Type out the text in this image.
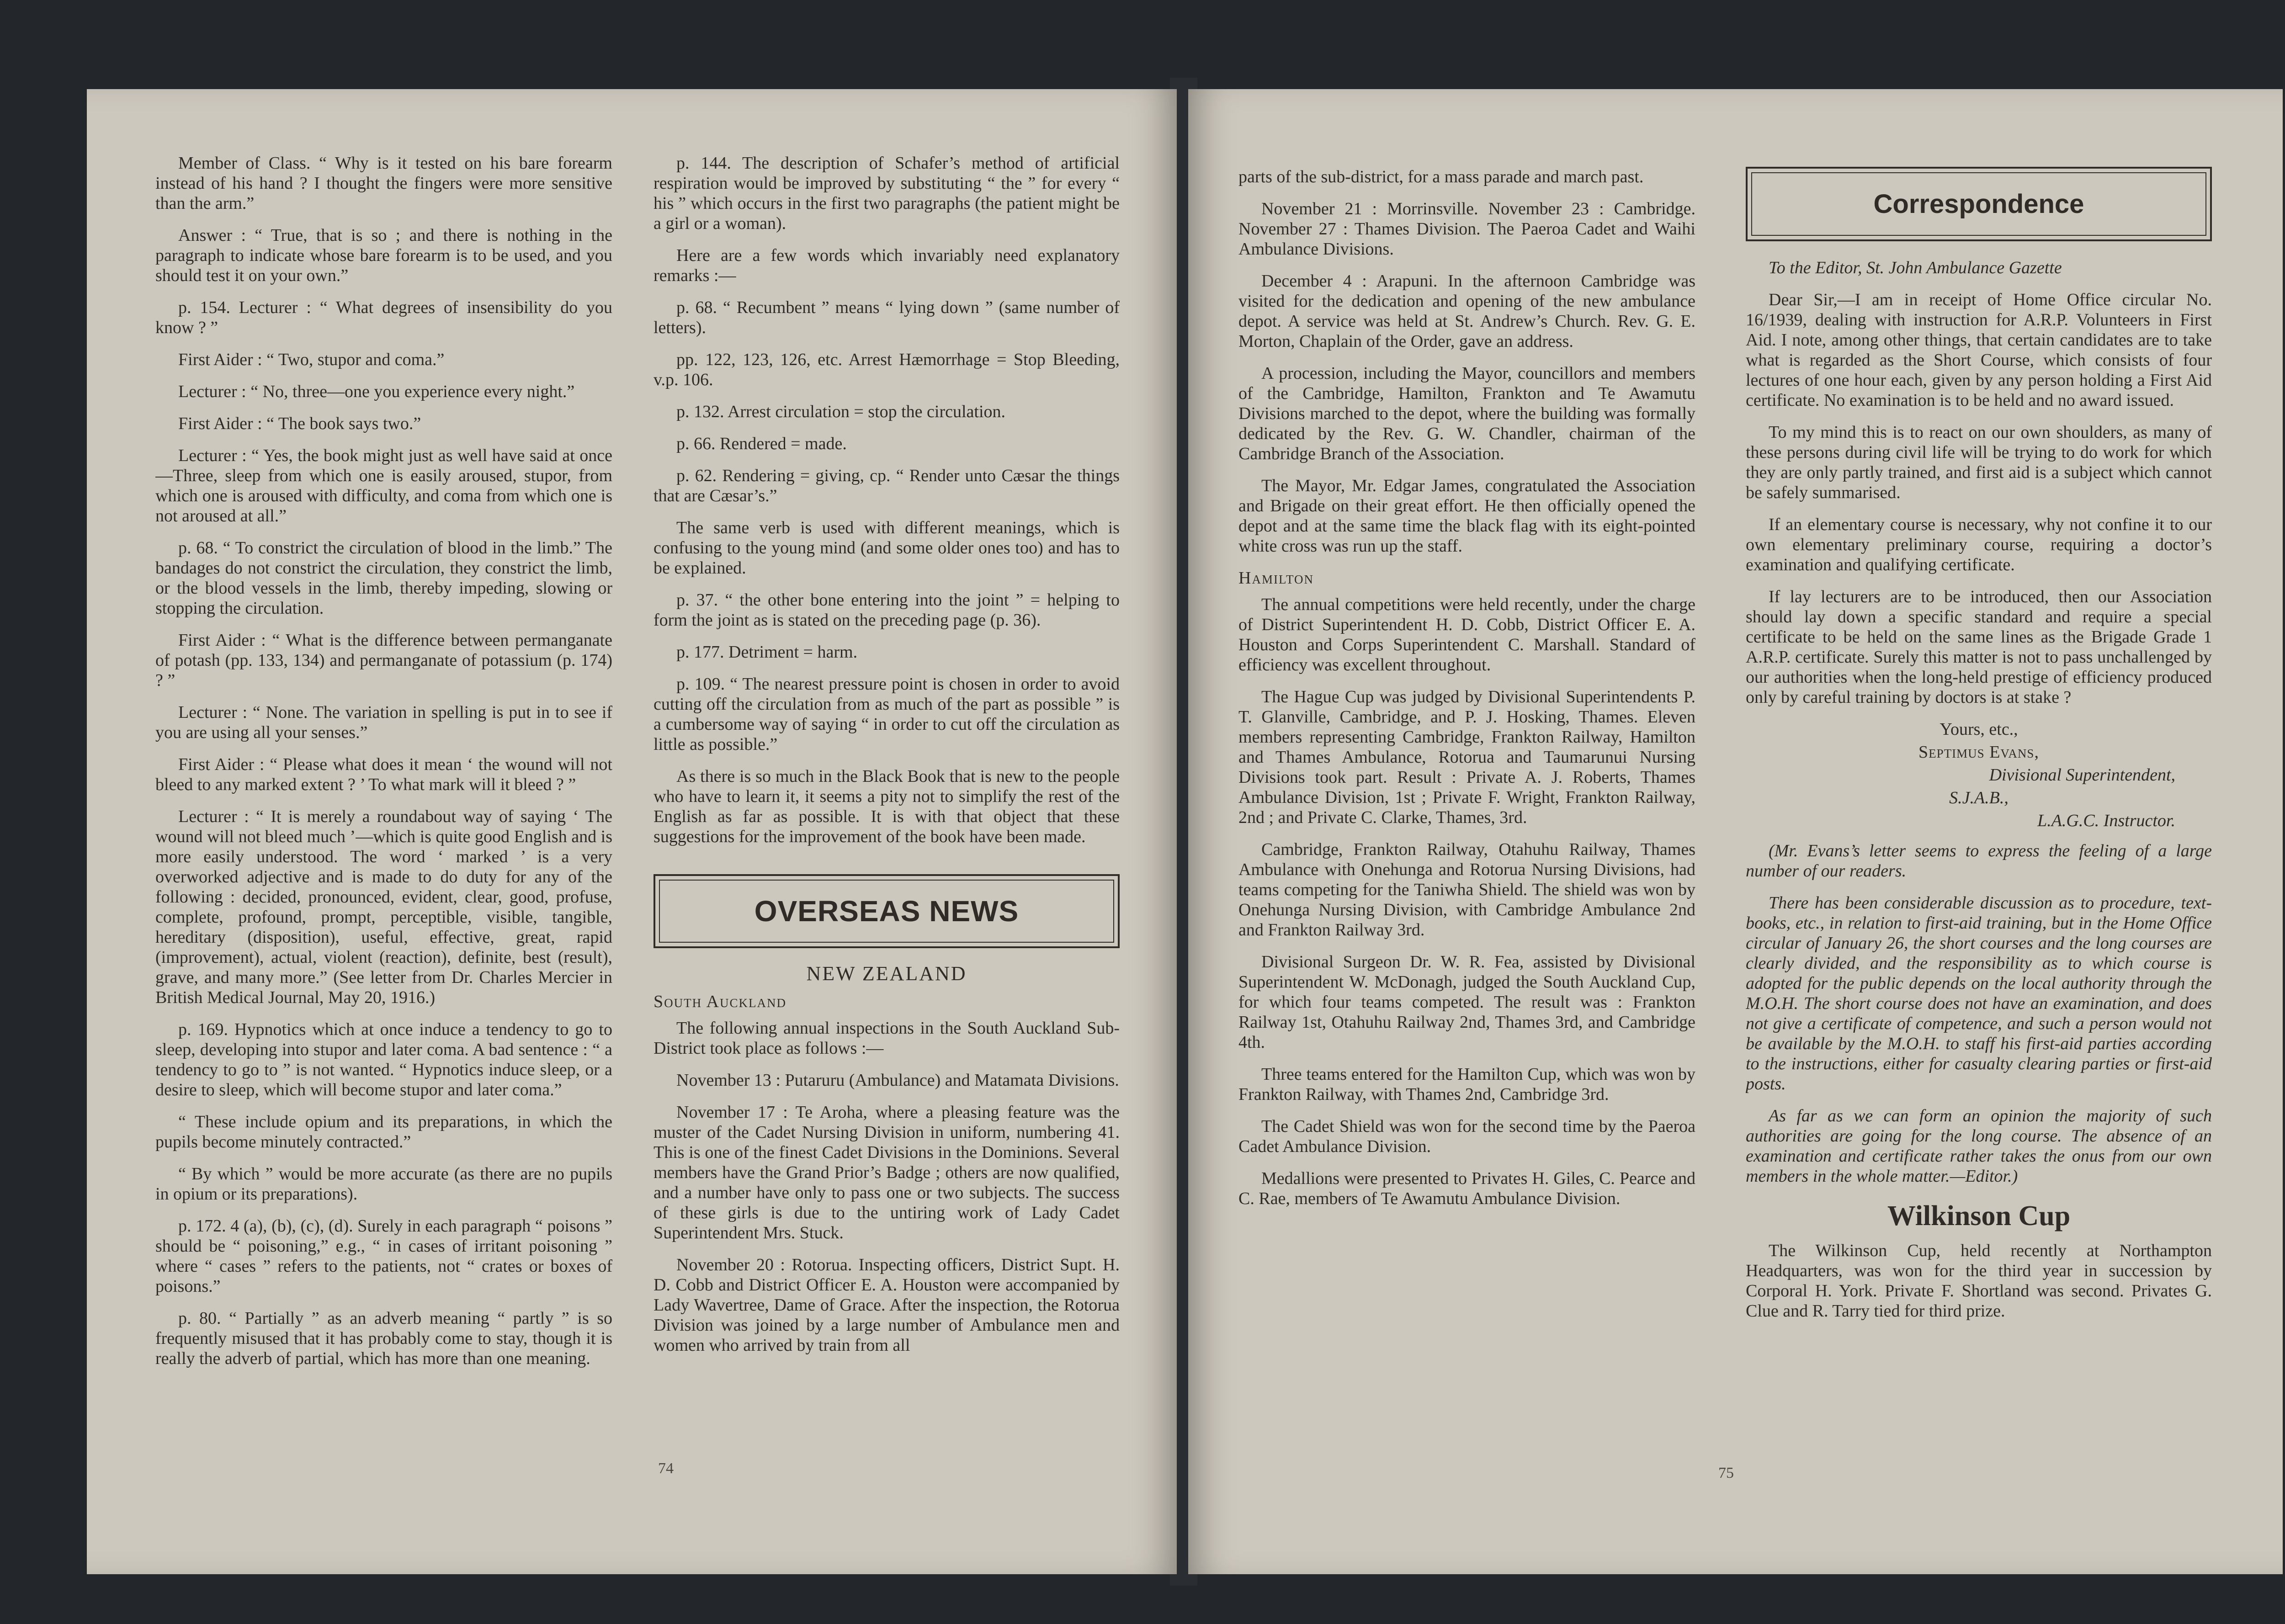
Member of Class. “ Why is it tested on his bare forearm instead of his hand ? I thought the fingers were more sensitive than the arm.”

Answer : “ True, that is so ; and there is nothing in the paragraph to indicate whose bare forearm is to be used, and you should test it on your own.”

p. 154. Lecturer : “ What degrees of insensibility do you know ? ”

First Aider : “ Two, stupor and coma.”

Lecturer : “ No, three—one you experience every night.”

First Aider : “ The book says two.”

Lecturer : “ Yes, the book might just as well have said at once—Three, sleep from which one is easily aroused, stupor, from which one is aroused with difficulty, and coma from which one is not aroused at all.”

p. 68. “ To constrict the circulation of blood in the limb.” The bandages do not constrict the circulation, they constrict the limb, or the blood vessels in the limb, thereby impeding, slowing or stopping the circulation.

First Aider : “ What is the difference between permanganate of potash (pp. 133, 134) and permanganate of potassium (p. 174) ? ”

Lecturer : “ None. The variation in spelling is put in to see if you are using all your senses.”

First Aider : “ Please what does it mean ‘ the wound will not bleed to any marked extent ? ’ To what mark will it bleed ? ”

Lecturer : “ It is merely a roundabout way of saying ‘ The wound will not bleed much ’—which is quite good English and is more easily understood. The word ‘ marked ’ is a very overworked adjective and is made to do duty for any of the following : decided, pronounced, evident, clear, good, profuse, complete, profound, prompt, perceptible, visible, tangible, hereditary (disposition), useful, effective, great, rapid (improvement), actual, violent (reaction), definite, best (result), grave, and many more.” (See letter from Dr. Charles Mercier in British Medical Journal, May 20, 1916.)

p. 169. Hypnotics which at once induce a tendency to go to sleep, developing into stupor and later coma. A bad sentence : “ a tendency to go to ” is not wanted. “ Hypnotics induce sleep, or a desire to sleep, which will become stupor and later coma.”

“ These include opium and its preparations, in which the pupils become minutely contracted.”

“ By which ” would be more accurate (as there are no pupils in opium or its preparations).

p. 172. 4 (a), (b), (c), (d). Surely in each paragraph “ poisons ” should be “ poisoning,” e.g., “ in cases of irritant poisoning ” where “ cases ” refers to the patients, not “ crates or boxes of poisons.”

p. 80. “ Partially ” as an adverb meaning “ partly ” is so frequently misused that it has probably come to stay, though it is really the adverb of partial, which has more than one meaning.

p. 144. The description of Schafer’s method of artificial respiration would be improved by substituting “ the ” for every “ his ” which occurs in the first two paragraphs (the patient might be a girl or a woman).

Here are a few words which invariably need explanatory remarks :—

p. 68. “ Recumbent ” means “ lying down ” (same number of letters).

pp. 122, 123, 126, etc. Arrest Hæmorrhage = Stop Bleeding, v.p. 106.

p. 132. Arrest circulation = stop the circulation.

p. 66. Rendered = made.

p. 62. Rendering = giving, cp. “ Render unto Cæsar the things that are Cæsar’s.”

The same verb is used with different meanings, which is confusing to the young mind (and some older ones too) and has to be explained.

p. 37. “ the other bone entering into the joint ” = helping to form the joint as is stated on the preceding page (p. 36).

p. 177. Detriment = harm.

p. 109. “ The nearest pressure point is chosen in order to avoid cutting off the circulation from as much of the part as possible ” is a cumbersome way of saying “ in order to cut off the circulation as little as possible.”

As there is so much in the Black Book that is new to the people who have to learn it, it seems a pity not to simplify the rest of the English as far as possible. It is with that object that these suggestions for the improvement of the book have been made.

OVERSEAS NEWS
NEW ZEALAND
South Auckland

The following annual inspections in the South Auckland Sub-District took place as follows :—

November 13 : Putaruru (Ambulance) and Matamata Divisions.

November 17 : Te Aroha, where a pleasing feature was the muster of the Cadet Nursing Division in uniform, numbering 41. This is one of the finest Cadet Divisions in the Dominions. Several members have the Grand Prior’s Badge ; others are now qualified, and a number have only to pass one or two subjects. The success of these girls is due to the untiring work of Lady Cadet Superintendent Mrs. Stuck.

November 20 : Rotorua. Inspecting officers, District Supt. H. D. Cobb and District Officer E. A. Houston were accompanied by Lady Wavertree, Dame of Grace. After the inspection, the Rotorua Division was joined by a large number of Ambulance men and women who arrived by train from all

74

parts of the sub-district, for a mass parade and march past.

November 21 : Morrinsville. November 23 : Cambridge. November 27 : Thames Division. The Paeroa Cadet and Waihi Ambulance Divisions.

December 4 : Arapuni. In the afternoon Cambridge was visited for the dedication and opening of the new ambulance depot. A service was held at St. Andrew’s Church. Rev. G. E. Morton, Chaplain of the Order, gave an address.

A procession, including the Mayor, councillors and members of the Cambridge, Hamilton, Frankton and Te Awamutu Divisions marched to the depot, where the building was formally dedicated by the Rev. G. W. Chandler, chairman of the Cambridge Branch of the Association.

The Mayor, Mr. Edgar James, congratulated the Association and Brigade on their great effort. He then officially opened the depot and at the same time the black flag with its eight-pointed white cross was run up the staff.

Hamilton

The annual competitions were held recently, under the charge of District Superintendent H. D. Cobb, District Officer E. A. Houston and Corps Superintendent C. Marshall. Standard of efficiency was excellent throughout.

The Hague Cup was judged by Divisional Superintendents P. T. Glanville, Cambridge, and P. J. Hosking, Thames. Eleven members representing Cambridge, Frankton Railway, Hamilton and Thames Ambulance, Rotorua and Taumarunui Nursing Divisions took part. Result : Private A. J. Roberts, Thames Ambulance Division, 1st ; Private F. Wright, Frankton Railway, 2nd ; and Private C. Clarke, Thames, 3rd.

Cambridge, Frankton Railway, Otahuhu Railway, Thames Ambulance with Onehunga and Rotorua Nursing Divisions, had teams competing for the Taniwha Shield. The shield was won by Onehunga Nursing Division, with Cambridge Ambulance 2nd and Frankton Railway 3rd.

Divisional Surgeon Dr. W. R. Fea, assisted by Divisional Superintendent W. McDonagh, judged the South Auckland Cup, for which four teams competed. The result was : Frankton Railway 1st, Otahuhu Railway 2nd, Thames 3rd, and Cambridge 4th.

Three teams entered for the Hamilton Cup, which was won by Frankton Railway, with Thames 2nd, Cambridge 3rd.

The Cadet Shield was won for the second time by the Paeroa Cadet Ambulance Division.

Medallions were presented to Privates H. Giles, C. Pearce and C. Rae, members of Te Awamutu Ambulance Division.

Correspondence

To the Editor, St. John Ambulance Gazette

Dear Sir,—I am in receipt of Home Office circular No. 16/1939, dealing with instruction for A.R.P. Volunteers in First Aid. I note, among other things, that certain candidates are to take what is regarded as the Short Course, which consists of four lectures of one hour each, given by any person holding a First Aid certificate. No examination is to be held and no award issued.

To my mind this is to react on our own shoulders, as many of these persons during civil life will be trying to do work for which they are only partly trained, and first aid is a subject which cannot be safely summarised.

If an elementary course is necessary, why not confine it to our own elementary preliminary course, requiring a doctor’s examination and qualifying certificate.

If lay lecturers are to be introduced, then our Association should lay down a specific standard and require a special certificate to be held on the same lines as the Brigade Grade 1 A.R.P. certificate. Surely this matter is not to pass unchallenged by our authorities when the long-held prestige of efficiency produced only by careful training by doctors is at stake ?

Yours, etc.,

Septimus Evans,

Divisional Superintendent,

S.J.A.B.,

L.A.G.C. Instructor.

(Mr. Evans’s letter seems to express the feeling of a large number of our readers.

There has been considerable discussion as to procedure, text-books, etc., in relation to first-aid training, but in the Home Office circular of January 26, the short courses and the long courses are clearly divided, and the responsibility as to which course is adopted for the public depends on the local authority through the M.O.H. The short course does not have an examination, and does not give a certificate of competence, and such a person would not be available by the M.O.H. to staff his first-aid parties according to the instructions, either for casualty clearing parties or first-aid posts.

As far as we can form an opinion the majority of such authorities are going for the long course. The absence of an examination and certificate rather takes the onus from our own members in the whole matter.—Editor.)

Wilkinson Cup

The Wilkinson Cup, held recently at Northampton Headquarters, was won for the third year in succession by Corporal H. York. Private F. Shortland was second. Privates G. Clue and R. Tarry tied for third prize.

75
